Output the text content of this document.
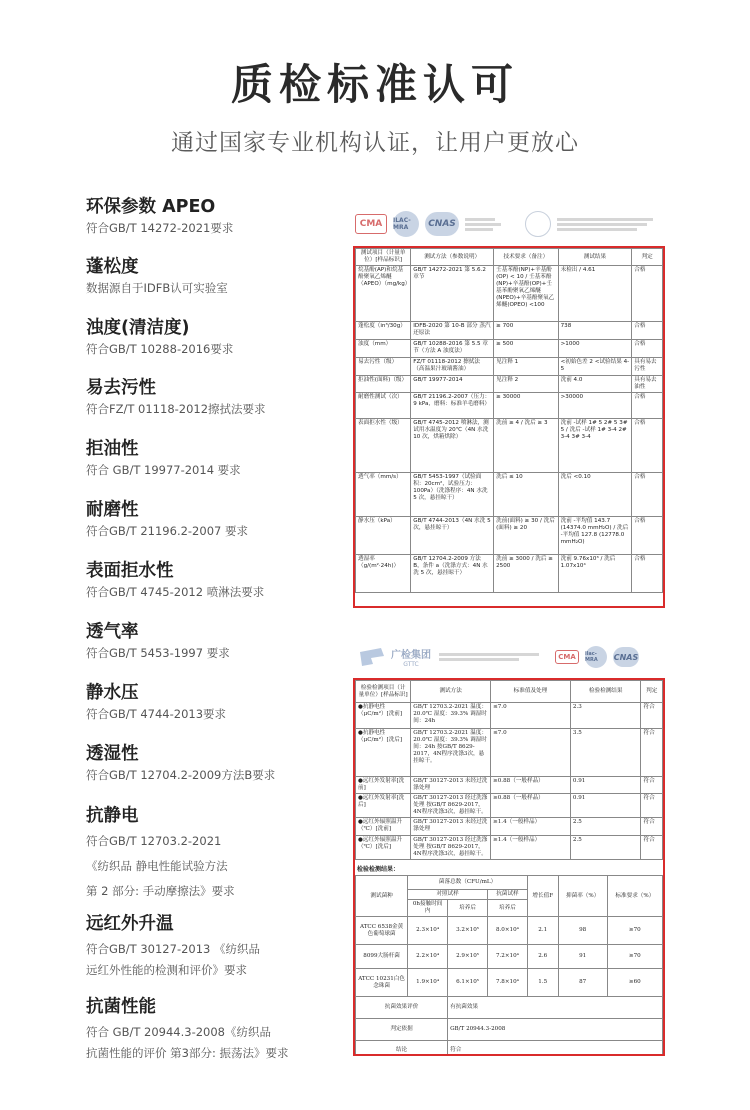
质检标准认可

通过国家专业机构认证，让用户更放心

环保参数 APEO
符合GB/T 14272-2021要求
蓬松度
数据源自于IDFB认可实验室
浊度(清洁度)
符合GB/T 10288-2016要求
易去污性
符合FZ/T 01118-2012擦拭法要求
拒油性
符合 GB/T 19977-2014 要求
耐磨性
符合GB/T 21196.2-2007 要求
表面拒水性
符合GB/T 4745-2012 喷淋法要求
透气率
符合GB/T 5453-1997 要求
静水压
符合GB/T 4744-2013要求
透湿性
符合GB/T 12704.2-2009方法B要求
抗静电
符合GB/T 12703.2-2021
《纺织品 静电性能试验方法
第 2 部分: 手动摩擦法》要求
远红外升温
符合GB/T 30127-2013 《纺织品
远红外性能的检测和评价》要求
抗菌性能
符合 GB/T 20944.3-2008《纺织品
抗菌性能的评价 第3部分: 振荡法》要求
CMA	ILAC-MRA	CNAS
测试项目（计量单位）[样品标识]	测试方法（参数说明）	技术要求（备注）	测试结果	判定
烷基酚(AP)和烷基酚聚氧乙烯醚（APEO）（mg/kg）	GB/T 14272-2021 第 5.6.2 章节	壬基苯酚(NP)+辛基酚(OP) < 10 / 壬基苯酚(NP)+辛基酚(OP)+壬基苯酚聚氧乙烯醚(NPEO)+辛基酚聚氧乙烯醚(OPEO) <100	未检出 / 4.61	合格
蓬松度（in³/30g）	IDFB-2020 第 10-B 部分 蒸汽还原法	≥ 700	738	合格
浊度（mm）	GB/T 10288-2016 第 5.5 章节（方法 A 浊度法）	≥ 500	>1000	合格
易去污性（级）	FZ/T 01118-2012 擦拭法（高温果汁玻璃酱油）	见注释 1	<初始色差 2 <试验结果 4-5	具有易去污性
拒油性(面料)（级）	GB/T 19977-2014	见注释 2	洗前 4.0	具有易去油性
耐磨性测试（次）	GB/T 21196.2-2007（压力：9 kPa，磨料：标准羊毛磨料）	≥ 30000	>30000	合格
表面拒水性（级）	GB/T 4745-2012 喷淋法，测试用水温度为 20℃（4N 水洗 10 次，烘箱烘除）	洗前 ≥ 4 / 洗后 ≥ 3	洗前 -试样 1# 5 2# 5 3# 5 / 洗后 -试样 1# 3-4 2# 3-4 3# 3-4	合格
透气率（mm/s）	GB/T 5453-1997（试验面积：20cm²，试验压力：100Pa）（洗涤程序：4N 水洗 5 次，悬挂晾干）	洗后 ≤ 10	洗后 <0.10	合格
静水压（kPa）	GB/T 4744-2013（4N 水洗 5 次，悬挂晾干）	洗前(面料) ≥ 30 / 洗后(面料) ≥ 20	洗前 -平均值 143.7 (14374.0 mmH₂O) / 洗后 -平均值 127.8 (12778.0 mmH₂O)	合格
透湿率（g/(m²·24h)）	GB/T 12704.2-2009 方法 B，条件 a（洗涤方式：4N 水洗 5 次，悬挂晾干）	洗前 ≥ 3000 / 洗后 ≥ 2500	洗前 9.76x10³ / 洗后 1.07x10⁴	合格
广检集团
GTTC
CMA	ilac-MRA	CNAS
检验检测项目（计量单位）[样品标识]	测试方法	标准值及处理	检验检测结果	判定
●抗静电性（μC/m²）[洗前]	GB/T 12703.2-2021 温度：20.0℃ 湿度：39.3% 调湿时间：24h	≤7.0	2.3	符合
●抗静电性（μC/m²）[洗后]	GB/T 12703.2-2021 温度：20.0℃ 湿度：39.3% 调湿时间：24h 按GB/T 8629-2017，4N程序洗涤3次，悬挂晾干。	≤7.0	3.5	符合
●远红外发射率[洗前]	GB/T 30127-2013 未经过洗涤处理	≥0.88（一般样品）	0.91	符合
●远红外发射率[洗后]	GB/T 30127-2013 经过洗涤处理 按GB/T 8629-2017，4N程序洗涤3次，悬挂晾干。	≥0.88（一般样品）	0.91	符合
●远红外辐照温升（℃）[洗前]	GB/T 30127-2013 未经过洗涤处理	≥1.4（一般样品）	2.5	符合
●远红外辐照温升（℃）[洗后]	GB/T 30127-2013 经过洗涤处理 按GB/T 8629-2017，4N程序洗涤3次，悬挂晾干。	≥1.4（一般样品）	2.5	符合
检验检测结果：
测试菌种	菌落总数（CFU/mL）			增长值F	抑菌率（%）	标准要求（%）
	对照试样		抗菌试样			
	0h接触时间内	培养后	培养后			
ATCC 6538金黄色葡萄球菌	2.3×10⁴	3.2×10⁵	8.0×10⁴	2.1	98	≥70
8099大肠杆菌	2.2×10⁴	2.9×10⁵	7.2×10⁴	2.6	91	≥70
ATCC 10231白色念珠菌	1.9×10⁴	6.1×10⁵	7.8×10⁴	1.5	87	≥60
抗菌效果评价		有抗菌效果				
判定依据		GB/T 20944.3-2008				
结论		符合				
